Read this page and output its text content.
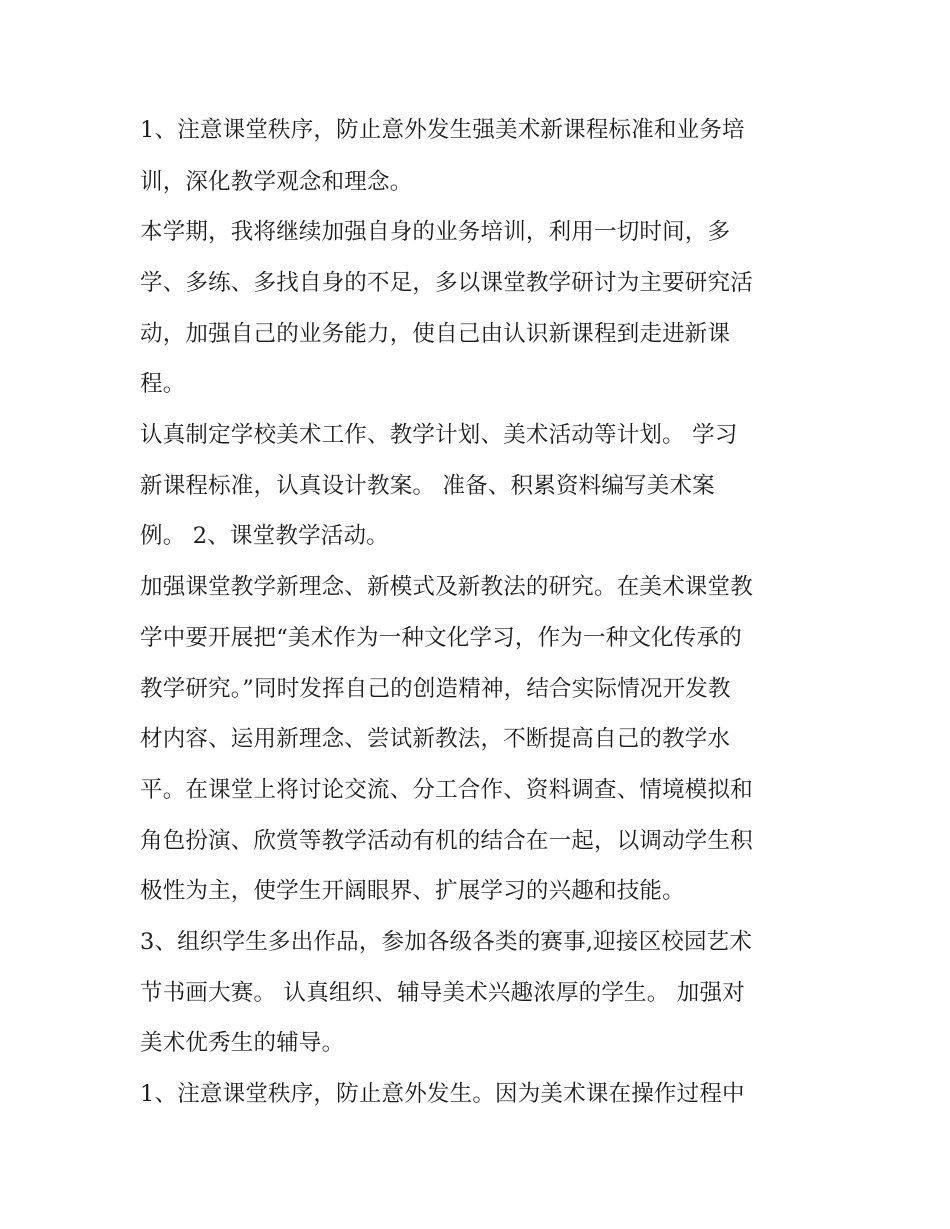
1、注意课堂秩序，防止意外发生强美术新课程标准和业务培
训，深化教学观念和理念。
本学期，我将继续加强自身的业务培训，利用一切时间，多
学、多练、多找自身的不足，多以课堂教学研讨为主要研究活
动，加强自己的业务能力，使自己由认识新课程到走进新课
程。
认真制定学校美术工作、教学计划、美术活动等计划。 学习
新课程标准，认真设计教案。 准备、积累资料编写美术案
例。 2、课堂教学活动。
加强课堂教学新理念、新模式及新教法的研究。在美术课堂教
学中要开展把“美术作为一种文化学习，作为一种文化传承的
教学研究。”同时发挥自己的创造精神，结合实际情况开发教
材内容、运用新理念、尝试新教法，不断提高自己的教学水
平。在课堂上将讨论交流、分工合作、资料调查、情境模拟和
角色扮演、欣赏等教学活动有机的结合在一起，以调动学生积
极性为主，使学生开阔眼界、扩展学习的兴趣和技能。
3、组织学生多出作品，参加各级各类的赛事,迎接区校园艺术
节书画大赛。 认真组织、辅导美术兴趣浓厚的学生。 加强对
美术优秀生的辅导。
1、注意课堂秩序，防止意外发生。因为美术课在操作过程中
